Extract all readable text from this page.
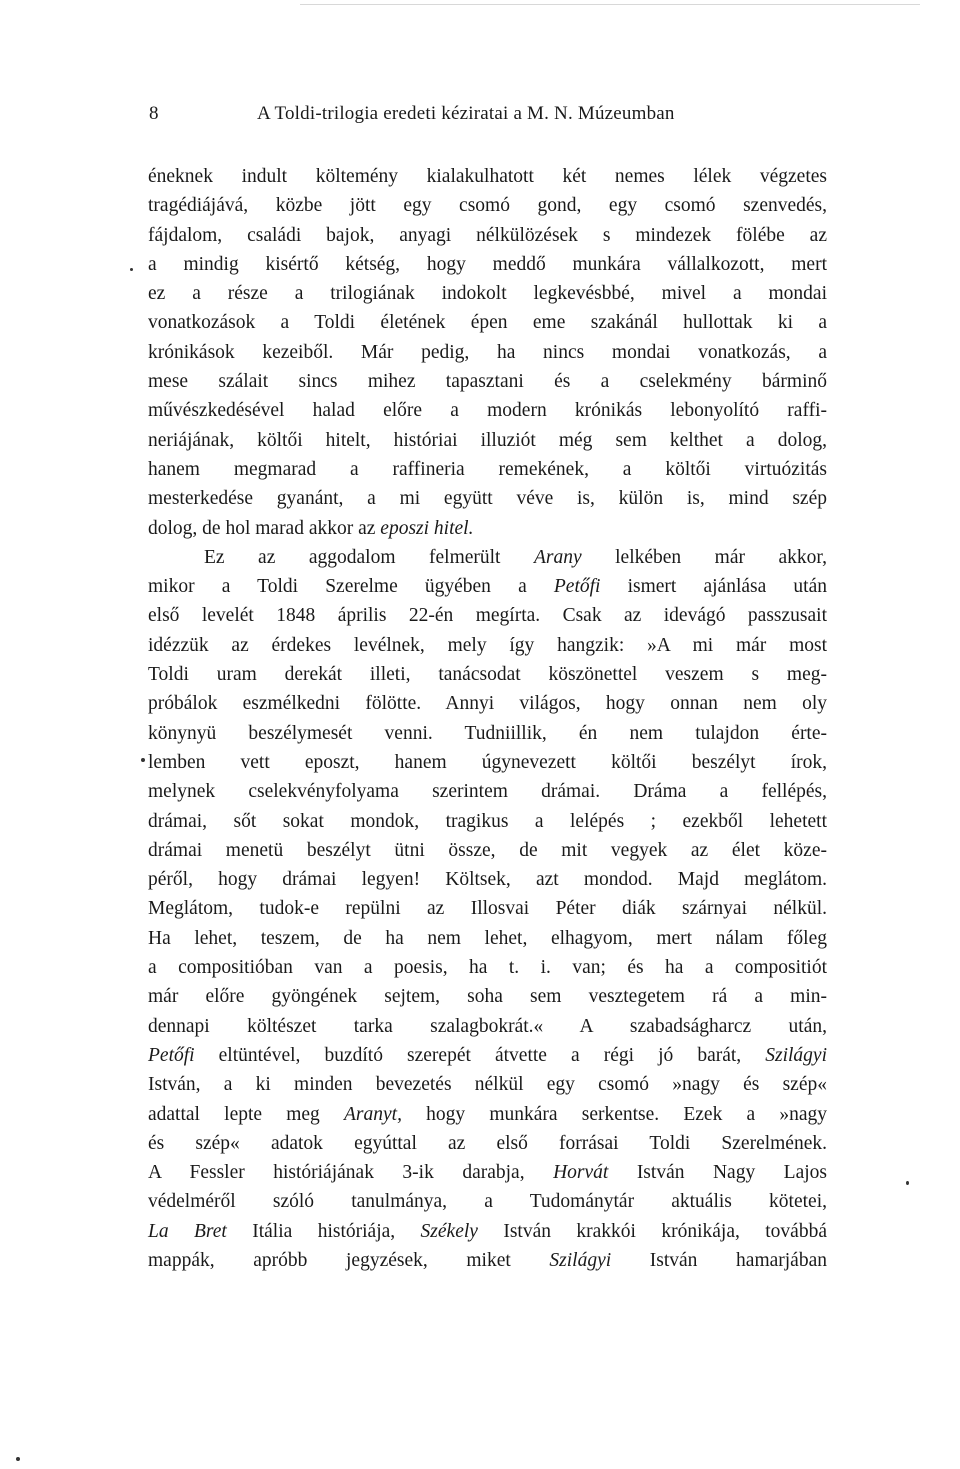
8	A Toldi-trilogia eredeti kéziratai a M. N. Múzeumban
éneknek indult költemény kialakulhatott két nemes lélek végzetes
tragédiájává, közbe jött egy csomó gond, egy csomó szenvedés,
fájdalom, családi bajok, anyagi nélkülözések s mindezek fölébe az
a mindig kisértő kétség, hogy meddő munkára vállalkozott, mert
ez a része a trilogiának indokolt legkevésbbé, mivel a mondai
vonatkozások a Toldi életének épen eme szakánál hullottak ki a
krónikások kezeiből. Már pedig, ha nincs mondai vonatkozás, a
mese szálait sincs mihez tapasztani és a cselekmény bárminő
művészkedésével halad előre a modern krónikás lebonyolító raffi-
neriájának, költői hitelt, históriai illuziót még sem kelthet a dolog,
hanem megmarad a raffineria remekének, a költői virtuózitás
mesterkedése gyanánt, a mi együtt véve is, külön is, mind szép
dolog, de hol marad akkor az eposzi hitel.
Ez az aggodalom felmerült Arany lelkében már akkor,
mikor a Toldi Szerelme ügyében a Petőfi ismert ajánlása után
első levelét 1848 április 22-én megírta. Csak az idevágó passzusait
idézzük az érdekes levélnek, mely így hangzik: »A mi már most
Toldi uram derekát illeti, tanácsodat köszönettel veszem s meg-
próbálok eszmélkedni fölötte. Annyi világos, hogy onnan nem oly
könynyü beszélymesét venni. Tudniillik, én nem tulajdon érte-
lemben vett eposzt, hanem úgynevezett költői beszélyt írok,
melynek cselekvényfolyama szerintem drámai. Dráma a fellépés,
drámai, sőt sokat mondok, tragikus a lelépés ; ezekből lehetett
drámai menetü beszélyt ütni össze, de mit vegyek az élet köze-
péről, hogy drámai legyen! Költsek, azt mondod. Majd meglátom.
Meglátom, tudok-e repülni az Illosvai Péter diák szárnyai nélkül.
Ha lehet, teszem, de ha nem lehet, elhagyom, mert nálam főleg
a compositióban van a poesis, ha t. i. van; és ha a compositiót
már előre gyöngének sejtem, soha sem vesztegetem rá a min-
dennapi költészet tarka szalagbokrát.« A szabadságharcz után,
Petőfi eltüntével, buzdító szerepét átvette a régi jó barát, Szilágyi
István, a ki minden bevezetés nélkül egy csomó »nagy és szép«
adattal lepte meg Aranyt, hogy munkára serkentse. Ezek a »nagy
és szép« adatok egyúttal az első forrásai Toldi Szerelmének.
A Fessler históriájának 3-ik darabja, Horvát István Nagy Lajos
védelméről szóló tanulmánya, a Tudománytár aktuális kötetei,
La Bret Itália históriája, Székely István krakkói krónikája, továbbá
mappák, apróbb jegyzések, miket Szilágyi István hamarjában
